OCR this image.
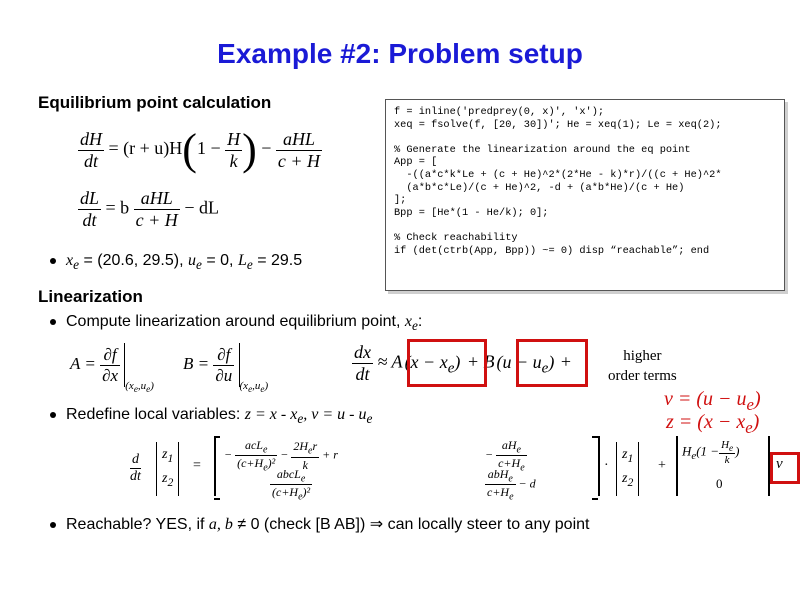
Example #2: Problem setup
Equilibrium point calculation
$\frac{dH}{dt} = (r + u)H(1 - \frac{H}{k}$ ) − $\frac{\text{aHL}}{c + H}$
$\frac{dL}{dt} = b \frac{\text{aHL}}{c + H}$ − dL
$x_e = (20.6$, 29.5), $u_e = 0$, $L_e = 29.5$
f = inline('predprey(0, x)', 'x');
xeq = fsolve(f, [20, 30])'; He = xeq(1); Le = xeq(2);

% Generate the linearization around the eq point
App = [
-((a*c*k*Le + (c + He)^2*(2*He - k)*r)/((c + He)^2*
(a*b*c*Le)/(c + He)^2, -d + (a*b*He)/(c + He)
];
Bpp = [He*(1 - He/k); 0];

% Check reachability
if (det(ctrb(App, Bpp)) ~= 0) disp “reachable”; end
Linearization
Compute linearization around equilibrium point, $x_e$:
$A = \frac{\partial f}{\partial x}$
$_{(x_e,u_e)}$
$B = \frac{\partial f}{\partial u}$
$_{(x_e,u_e)}$
$\frac{dx}{dt} \approx A$ $(x - x_e) + B$ $(u - u_e)$ +	higher
order terms
Redefine local variables: $z = x - x_e$, $v = u - u_e$
$v = (u - u_e)$
$z = (x - x_e)$
d
dt
$z_1$
$z_2$
=
− $\frac{acL_e}{(c+H_e)^2} - \frac{2H_er}{k} + r$	− $\frac{aH_e}{c+H_e}$
$\frac{abcL_e}{(c+H_e)^2}$	$\frac{abH_e}{c+H_e} - d$
·
$z_1$
$z_2$
+
$H_e(1 - \frac{H_e}{k}$ )
0
v
Reachable? YES, if a, b ≠ 0 (check [B AB]) ⇒ can locally steer to any point
